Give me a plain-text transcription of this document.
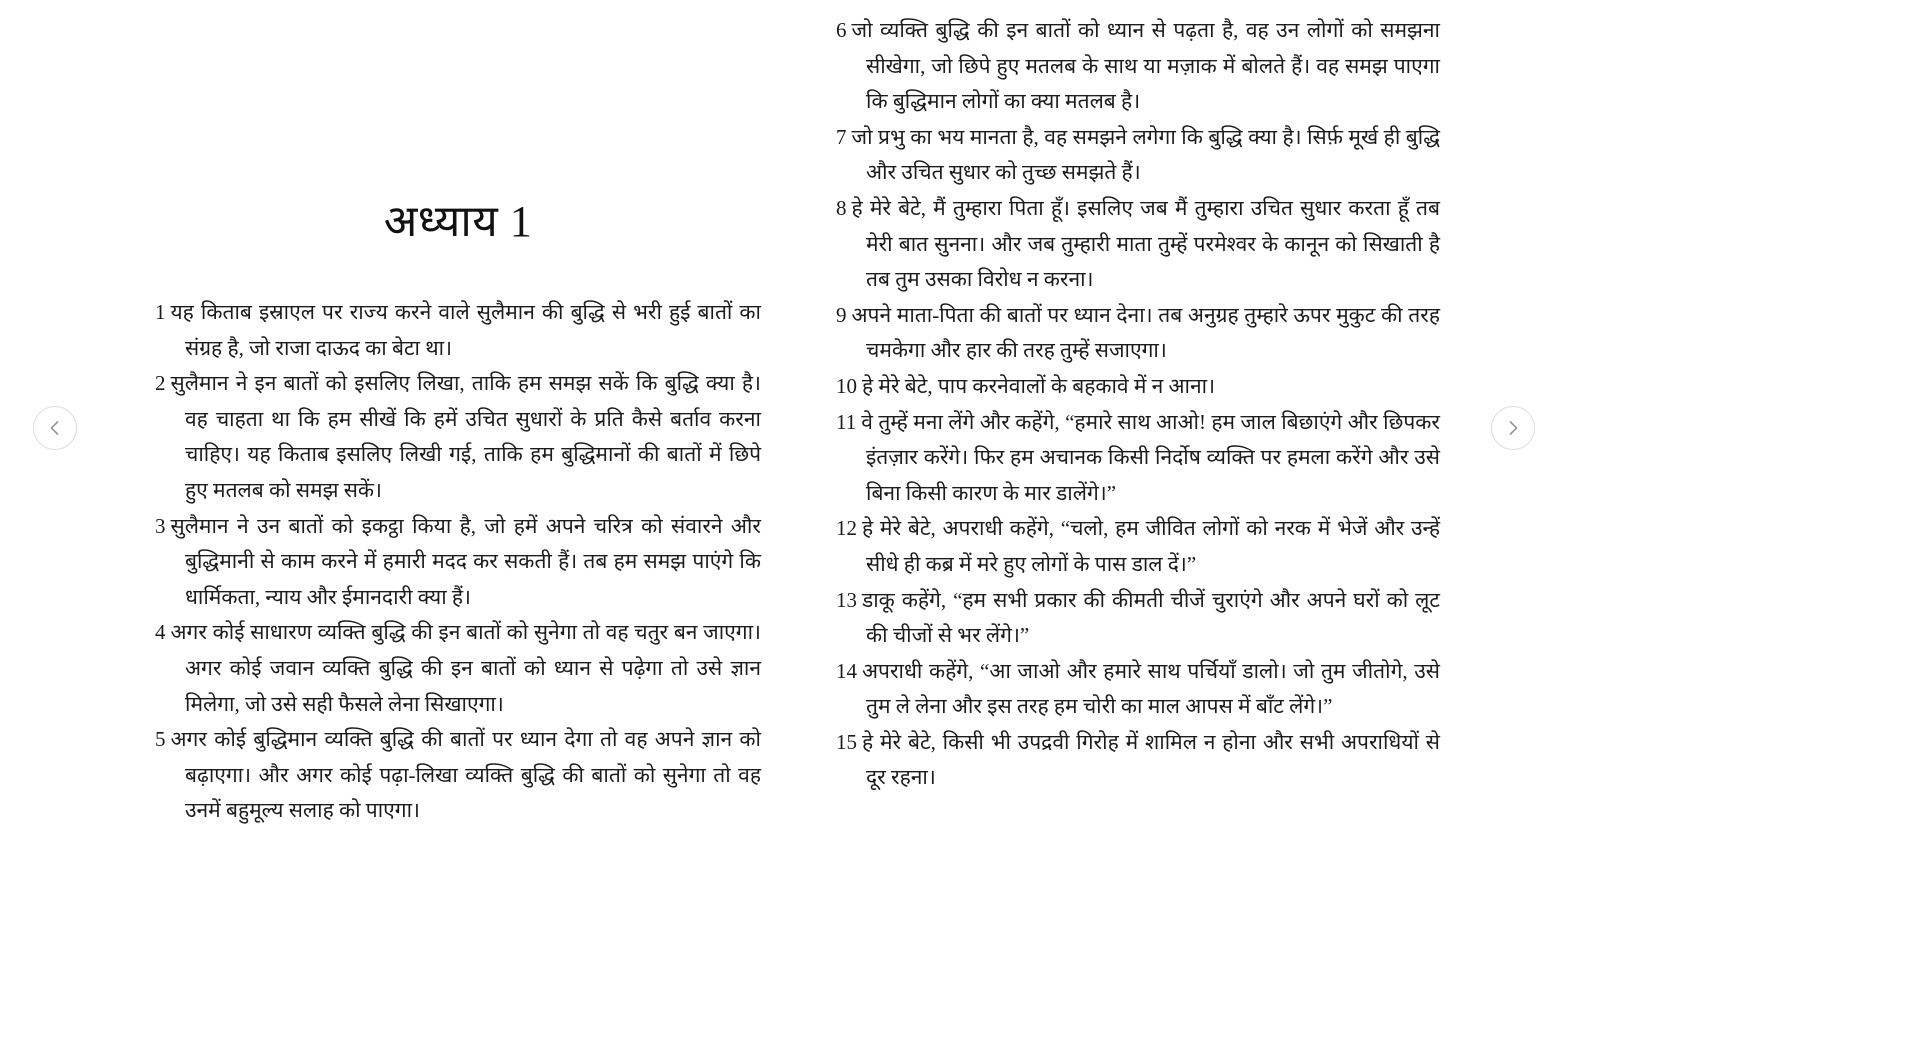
अध्याय 1

1 यह किताब इस्राएल पर राज्य करने वाले सुलैमान की बुद्धि से भरी हुई बातों का संग्रह है, जो राजा दाऊद का बेटा था।

2 सुलैमान ने इन बातों को इसलिए लिखा, ताकि हम समझ सकें कि बुद्धि क्या है। वह चाहता था कि हम सीखें कि हमें उचित सुधारों के प्रति कैसे बर्ताव करना चाहिए। यह किताब इसलिए लिखी गई, ताकि हम बुद्धिमानों की बातों में छिपे हुए मतलब को समझ सकें।

3 सुलैमान ने उन बातों को इकट्ठा किया है, जो हमें अपने चरित्र को संवारने और बुद्धिमानी से काम करने में हमारी मदद कर सकती हैं। तब हम समझ पाएंगे कि धार्मिकता, न्याय और ईमानदारी क्या हैं।

4 अगर कोई साधारण व्यक्ति बुद्धि की इन बातों को सुनेगा तो वह चतुर बन जाएगा। अगर कोई जवान व्यक्ति बुद्धि की इन बातों को ध्यान से पढ़ेगा तो उसे ज्ञान मिलेगा, जो उसे सही फैसले लेना सिखाएगा।

5 अगर कोई बुद्धिमान व्यक्ति बुद्धि की बातों पर ध्यान देगा तो वह अपने ज्ञान को बढ़ाएगा। और अगर कोई पढ़ा-लिखा व्यक्ति बुद्धि की बातों को सुनेगा तो वह उनमें बहुमूल्य सलाह को पाएगा।

6 जो व्यक्ति बुद्धि की इन बातों को ध्यान से पढ़ता है, वह उन लोगों को समझना सीखेगा, जो छिपे हुए मतलब के साथ या मज़ाक में बोलते हैं। वह समझ पाएगा कि बुद्धिमान लोगों का क्या मतलब है।

7 जो प्रभु का भय मानता है, वह समझने लगेगा कि बुद्धि क्या है। सिर्फ़ मूर्ख ही बुद्धि और उचित सुधार को तुच्छ समझते हैं।

8 हे मेरे बेटे, मैं तुम्हारा पिता हूँ। इसलिए जब मैं तुम्हारा उचित सुधार करता हूँ तब मेरी बात सुनना। और जब तुम्हारी माता तुम्हें परमेश्वर के कानून को सिखाती है तब तुम उसका विरोध न करना।

9 अपने माता-पिता की बातों पर ध्यान देना। तब अनुग्रह तुम्हारे ऊपर मुकुट की तरह चमकेगा और हार की तरह तुम्हें सजाएगा।

10 हे मेरे बेटे, पाप करनेवालों के बहकावे में न आना।

11 वे तुम्हें मना लेंगे और कहेंगे, “हमारे साथ आओ! हम जाल बिछाएंगे और छिपकर इंतज़ार करेंगे। फिर हम अचानक किसी निर्दोष व्यक्ति पर हमला करेंगे और उसे बिना किसी कारण के मार डालेंगे।”

12 हे मेरे बेटे, अपराधी कहेंगे, “चलो, हम जीवित लोगों को नरक में भेजें और उन्हें सीधे ही कब्र में मरे हुए लोगों के पास डाल दें।”

13 डाकू कहेंगे, “हम सभी प्रकार की कीमती चीजें चुराएंगे और अपने घरों को लूट की चीजों से भर लेंगे।”

14 अपराधी कहेंगे, “आ जाओ और हमारे साथ पर्चियाँ डालो। जो तुम जीतोगे, उसे तुम ले लेना और इस तरह हम चोरी का माल आपस में बाँट लेंगे।”

15 हे मेरे बेटे, किसी भी उपद्रवी गिरोह में शामिल न होना और सभी अपराधियों से दूर रहना।
